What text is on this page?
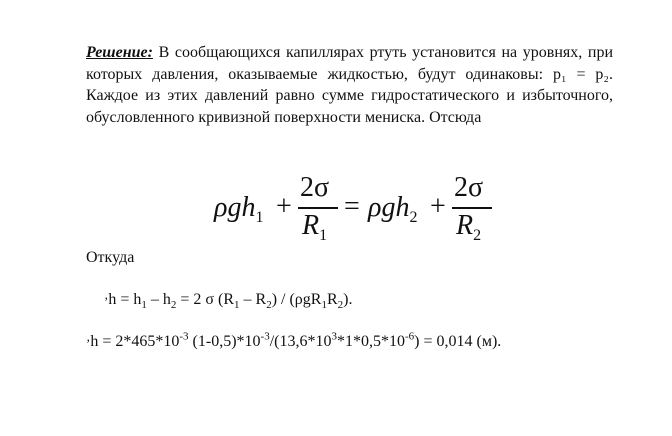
Решение: В сообщающихся капиллярах ртуть установится на уровнях, при которых давления, оказываемые жидкостью, будут одинаковы: p₁ = p₂. Каждое из этих давлений равно сумме гидростатического и избыточного, обусловленного кривизной поверхности мениска. Отсюда
ρgh$_1$ +
2σ
$R_1$
= ρgh$_2$ +
2σ
$R_2$
Откуда
ʼh = $h_1 - h_2 = 2$ σ $(R_1 - R_2) / (\rho gR_1R_2)$.
ʼh = $2*465*10^{-3}$ $(1-0,5)*10^{-3}/(13,6*10^3*1*0,5*10^{-6}) = 0,014$ (м).
